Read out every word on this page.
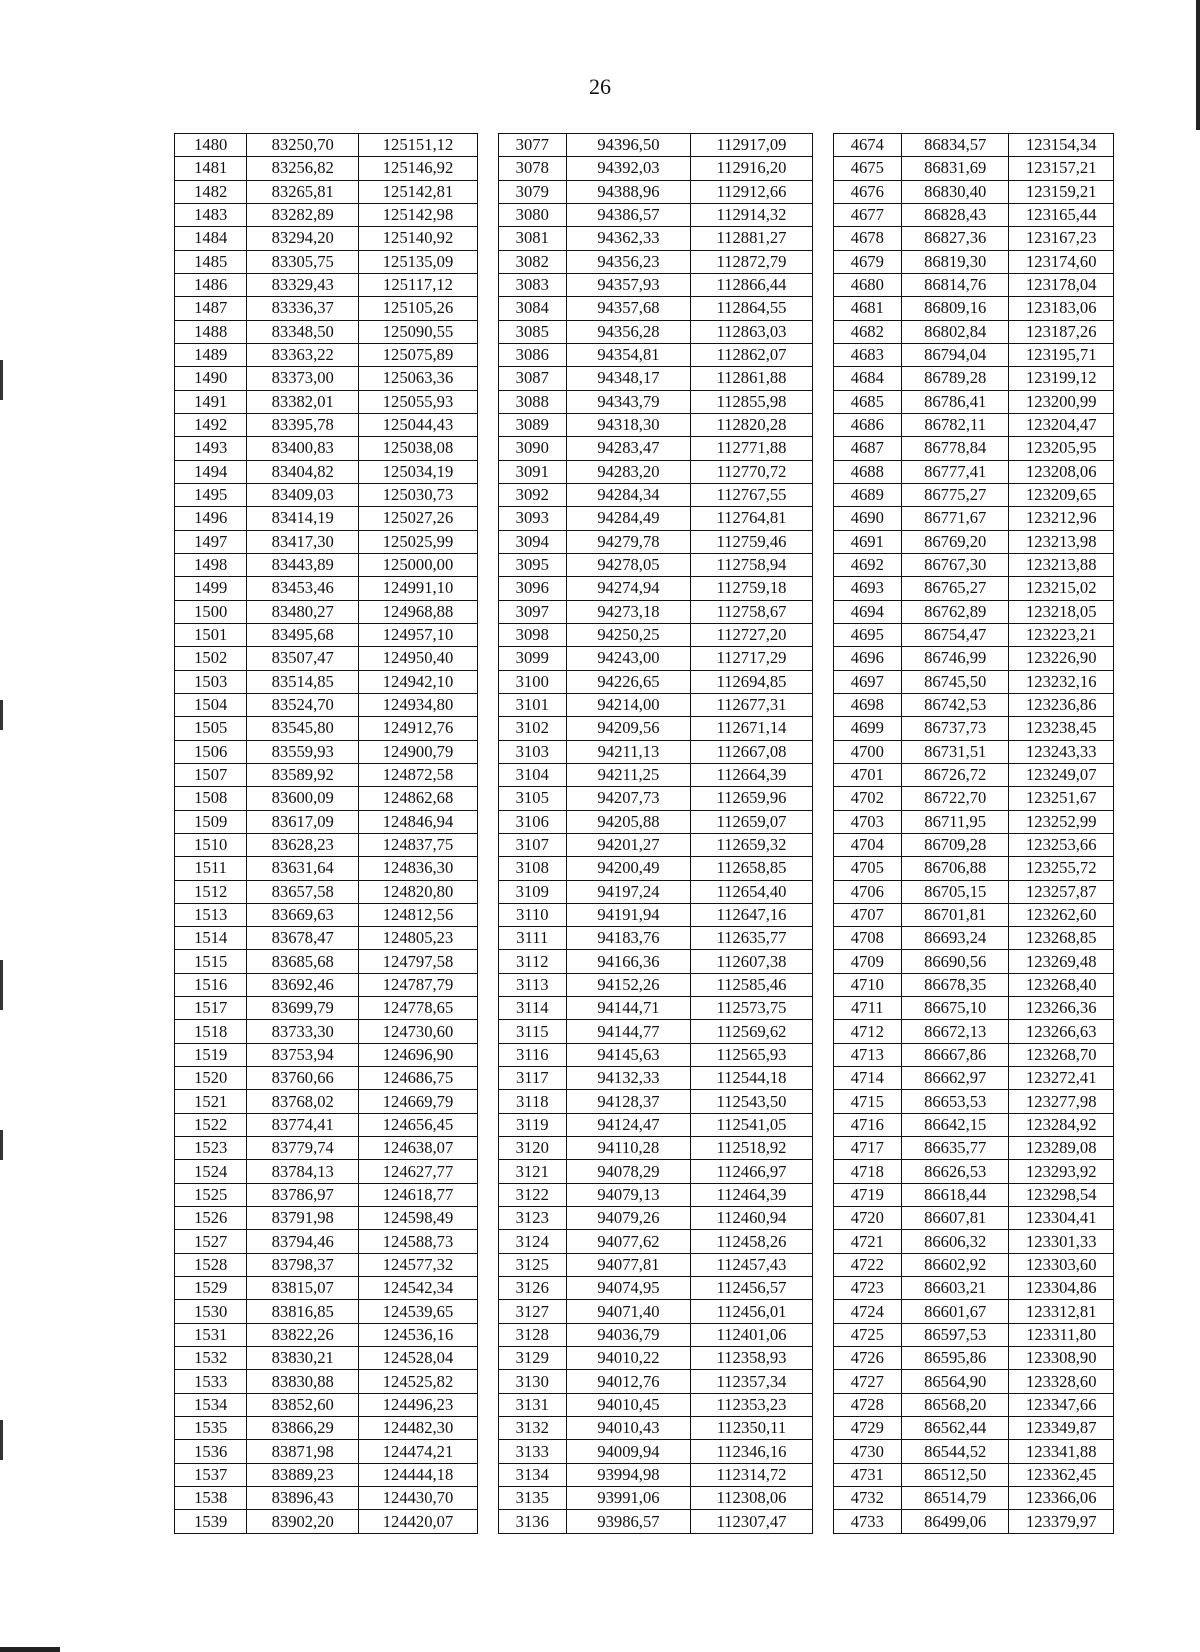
26
1480	83250,70	125151,12		3077	94396,50	112917,09		4674	86834,57	123154,34
1481	83256,82	125146,92		3078	94392,03	112916,20		4675	86831,69	123157,21
1482	83265,81	125142,81		3079	94388,96	112912,66		4676	86830,40	123159,21
1483	83282,89	125142,98		3080	94386,57	112914,32		4677	86828,43	123165,44
1484	83294,20	125140,92		3081	94362,33	112881,27		4678	86827,36	123167,23
1485	83305,75	125135,09		3082	94356,23	112872,79		4679	86819,30	123174,60
1486	83329,43	125117,12		3083	94357,93	112866,44		4680	86814,76	123178,04
1487	83336,37	125105,26		3084	94357,68	112864,55		4681	86809,16	123183,06
1488	83348,50	125090,55		3085	94356,28	112863,03		4682	86802,84	123187,26
1489	83363,22	125075,89		3086	94354,81	112862,07		4683	86794,04	123195,71
1490	83373,00	125063,36		3087	94348,17	112861,88		4684	86789,28	123199,12
1491	83382,01	125055,93		3088	94343,79	112855,98		4685	86786,41	123200,99
1492	83395,78	125044,43		3089	94318,30	112820,28		4686	86782,11	123204,47
1493	83400,83	125038,08		3090	94283,47	112771,88		4687	86778,84	123205,95
1494	83404,82	125034,19		3091	94283,20	112770,72		4688	86777,41	123208,06
1495	83409,03	125030,73		3092	94284,34	112767,55		4689	86775,27	123209,65
1496	83414,19	125027,26		3093	94284,49	112764,81		4690	86771,67	123212,96
1497	83417,30	125025,99		3094	94279,78	112759,46		4691	86769,20	123213,98
1498	83443,89	125000,00		3095	94278,05	112758,94		4692	86767,30	123213,88
1499	83453,46	124991,10		3096	94274,94	112759,18		4693	86765,27	123215,02
1500	83480,27	124968,88		3097	94273,18	112758,67		4694	86762,89	123218,05
1501	83495,68	124957,10		3098	94250,25	112727,20		4695	86754,47	123223,21
1502	83507,47	124950,40		3099	94243,00	112717,29		4696	86746,99	123226,90
1503	83514,85	124942,10		3100	94226,65	112694,85		4697	86745,50	123232,16
1504	83524,70	124934,80		3101	94214,00	112677,31		4698	86742,53	123236,86
1505	83545,80	124912,76		3102	94209,56	112671,14		4699	86737,73	123238,45
1506	83559,93	124900,79		3103	94211,13	112667,08		4700	86731,51	123243,33
1507	83589,92	124872,58		3104	94211,25	112664,39		4701	86726,72	123249,07
1508	83600,09	124862,68		3105	94207,73	112659,96		4702	86722,70	123251,67
1509	83617,09	124846,94		3106	94205,88	112659,07		4703	86711,95	123252,99
1510	83628,23	124837,75		3107	94201,27	112659,32		4704	86709,28	123253,66
1511	83631,64	124836,30		3108	94200,49	112658,85		4705	86706,88	123255,72
1512	83657,58	124820,80		3109	94197,24	112654,40		4706	86705,15	123257,87
1513	83669,63	124812,56		3110	94191,94	112647,16		4707	86701,81	123262,60
1514	83678,47	124805,23		3111	94183,76	112635,77		4708	86693,24	123268,85
1515	83685,68	124797,58		3112	94166,36	112607,38		4709	86690,56	123269,48
1516	83692,46	124787,79		3113	94152,26	112585,46		4710	86678,35	123268,40
1517	83699,79	124778,65		3114	94144,71	112573,75		4711	86675,10	123266,36
1518	83733,30	124730,60		3115	94144,77	112569,62		4712	86672,13	123266,63
1519	83753,94	124696,90		3116	94145,63	112565,93		4713	86667,86	123268,70
1520	83760,66	124686,75		3117	94132,33	112544,18		4714	86662,97	123272,41
1521	83768,02	124669,79		3118	94128,37	112543,50		4715	86653,53	123277,98
1522	83774,41	124656,45		3119	94124,47	112541,05		4716	86642,15	123284,92
1523	83779,74	124638,07		3120	94110,28	112518,92		4717	86635,77	123289,08
1524	83784,13	124627,77		3121	94078,29	112466,97		4718	86626,53	123293,92
1525	83786,97	124618,77		3122	94079,13	112464,39		4719	86618,44	123298,54
1526	83791,98	124598,49		3123	94079,26	112460,94		4720	86607,81	123304,41
1527	83794,46	124588,73		3124	94077,62	112458,26		4721	86606,32	123301,33
1528	83798,37	124577,32		3125	94077,81	112457,43		4722	86602,92	123303,60
1529	83815,07	124542,34		3126	94074,95	112456,57		4723	86603,21	123304,86
1530	83816,85	124539,65		3127	94071,40	112456,01		4724	86601,67	123312,81
1531	83822,26	124536,16		3128	94036,79	112401,06		4725	86597,53	123311,80
1532	83830,21	124528,04		3129	94010,22	112358,93		4726	86595,86	123308,90
1533	83830,88	124525,82		3130	94012,76	112357,34		4727	86564,90	123328,60
1534	83852,60	124496,23		3131	94010,45	112353,23		4728	86568,20	123347,66
1535	83866,29	124482,30		3132	94010,43	112350,11		4729	86562,44	123349,87
1536	83871,98	124474,21		3133	94009,94	112346,16		4730	86544,52	123341,88
1537	83889,23	124444,18		3134	93994,98	112314,72		4731	86512,50	123362,45
1538	83896,43	124430,70		3135	93991,06	112308,06		4732	86514,79	123366,06
1539	83902,20	124420,07		3136	93986,57	112307,47		4733	86499,06	123379,97
